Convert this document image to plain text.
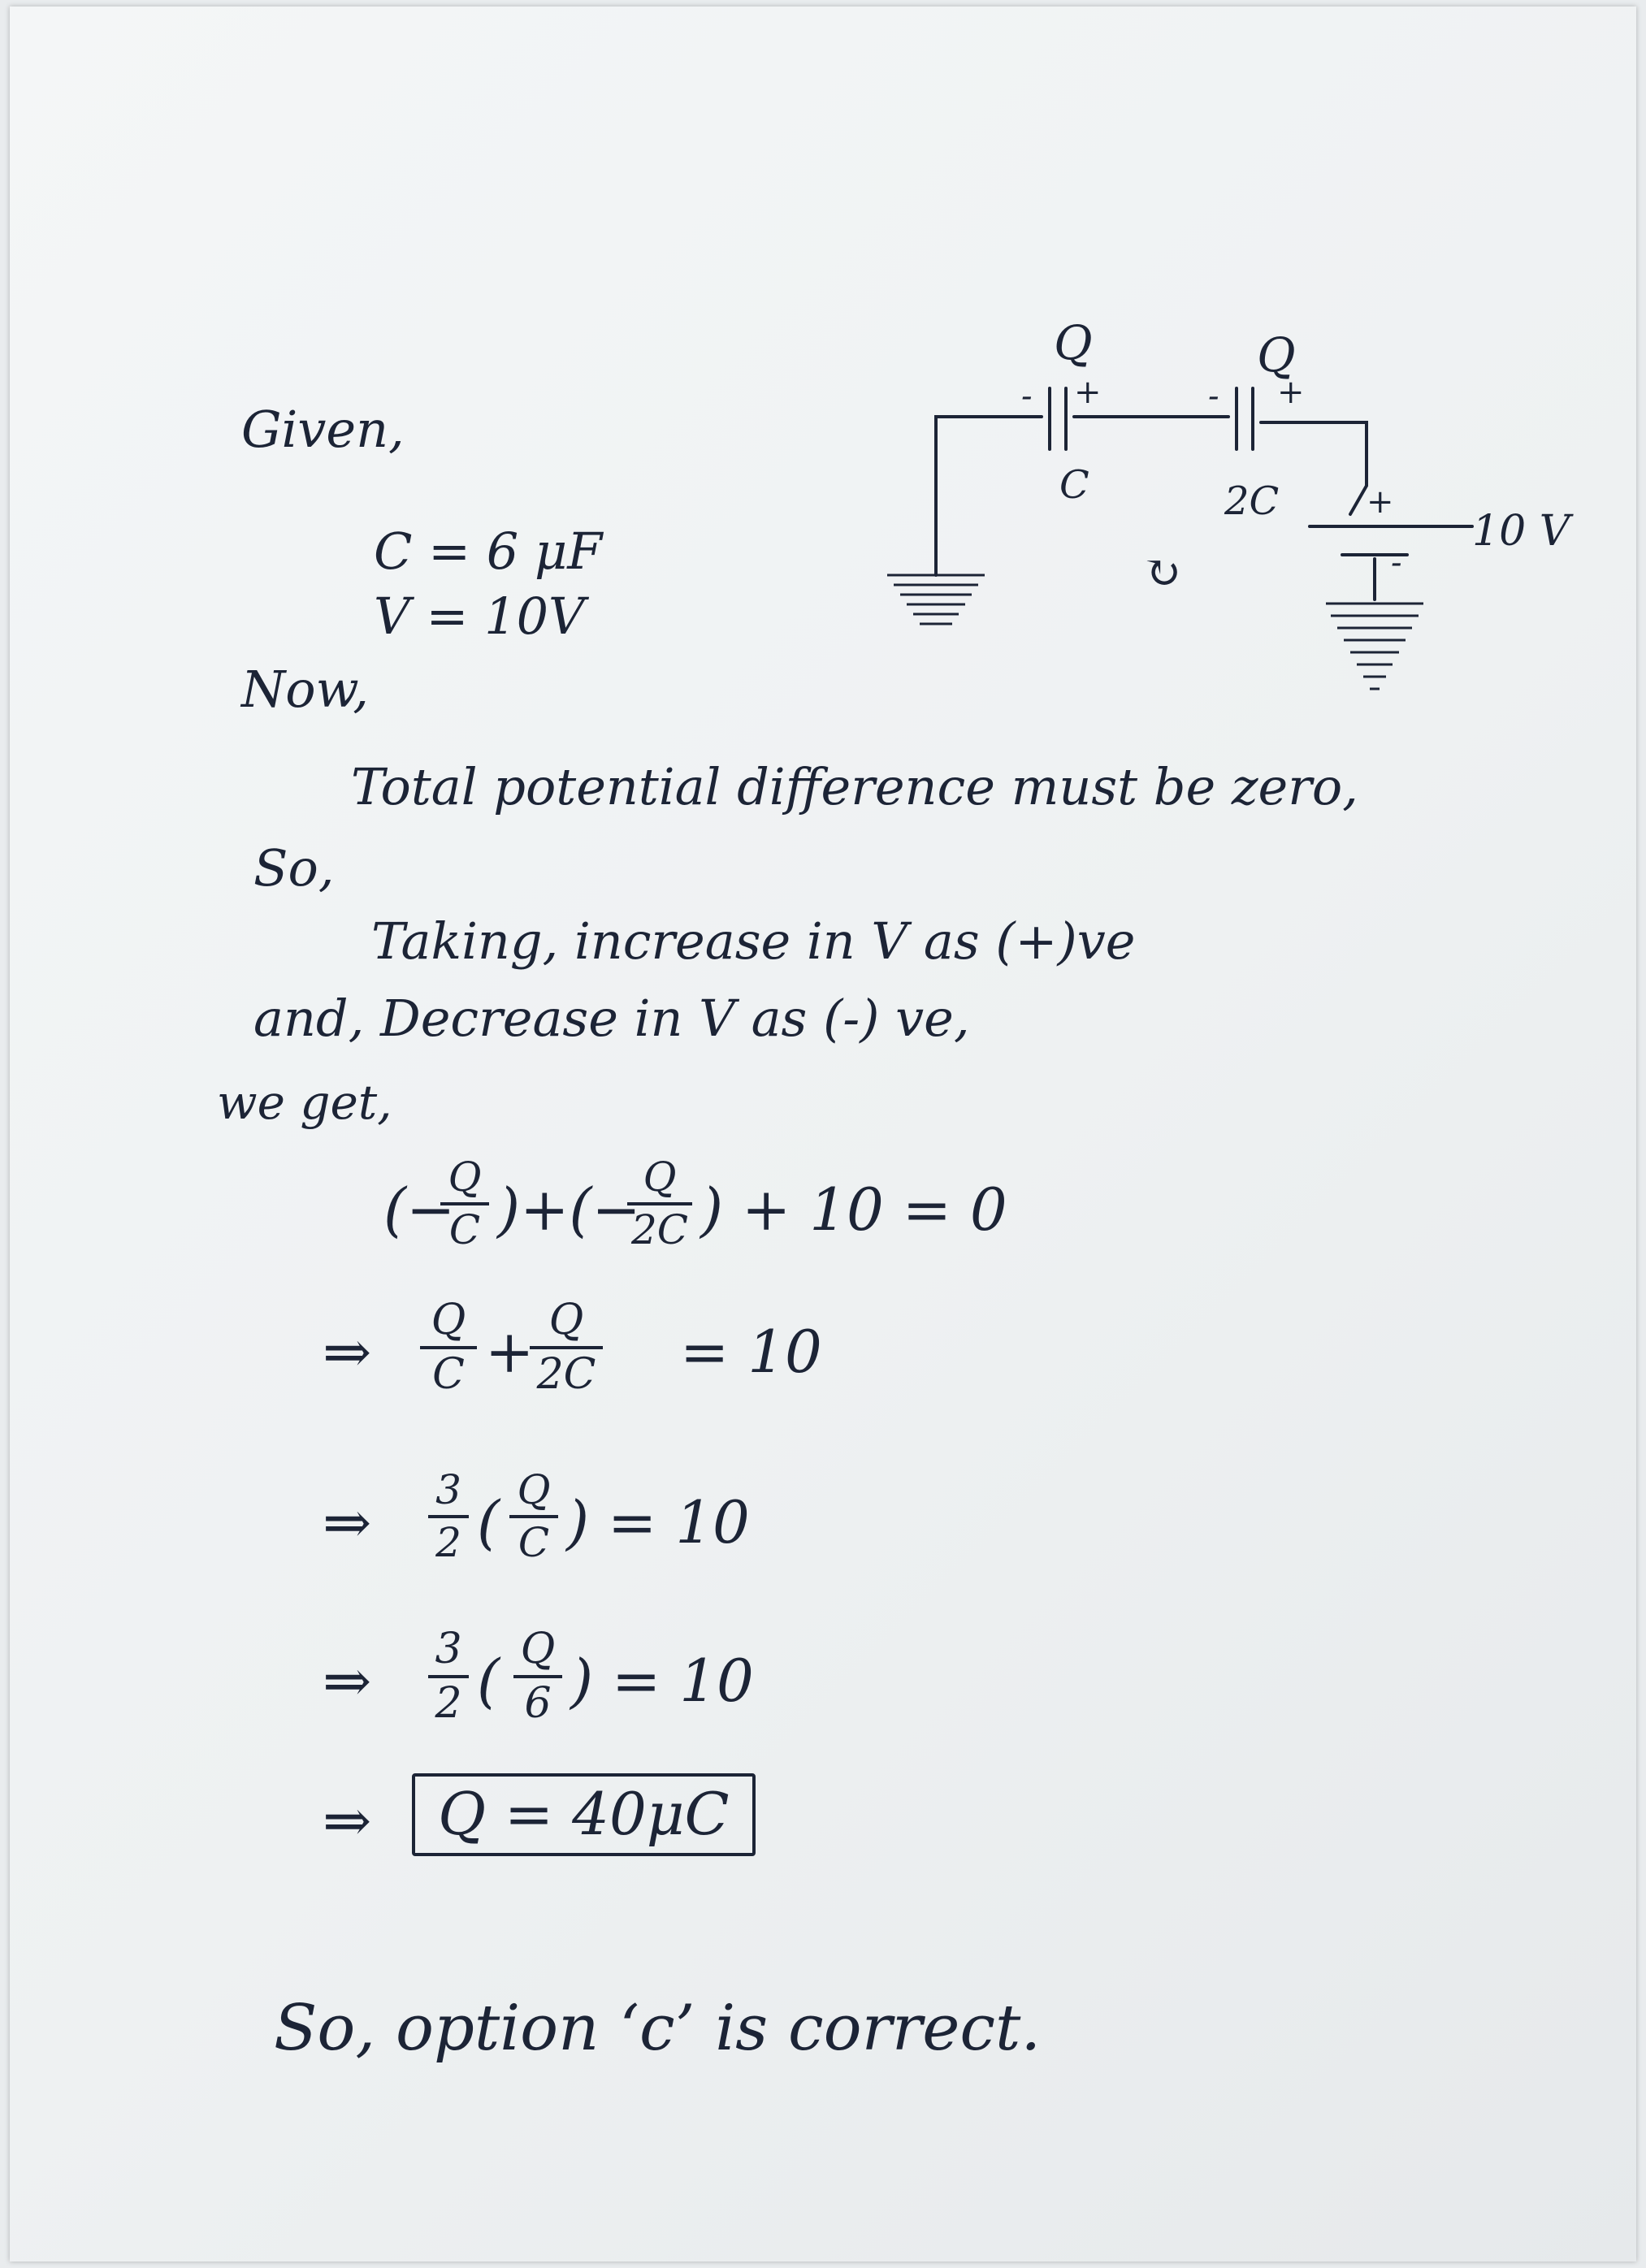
Given,
C = 6 μF
V = 10V
Q	Q
- +	- +
C	2C	+
-
10 V
↻
Now,
Total potential difference must be zero,
So,
Taking, increase in V as (+)ve
and, Decrease in V as (-) ve,
we get,
(−
Q
C )+(− Q
2C ) + 10 = 0
⇒ Q
C + Q
2C = 10
⇒ 3
2 ( Q
C ) = 10
⇒ 3
2 ( Q
6 ) = 10
⇒	Q = 40μC
So, option ‘c’ is correct.
